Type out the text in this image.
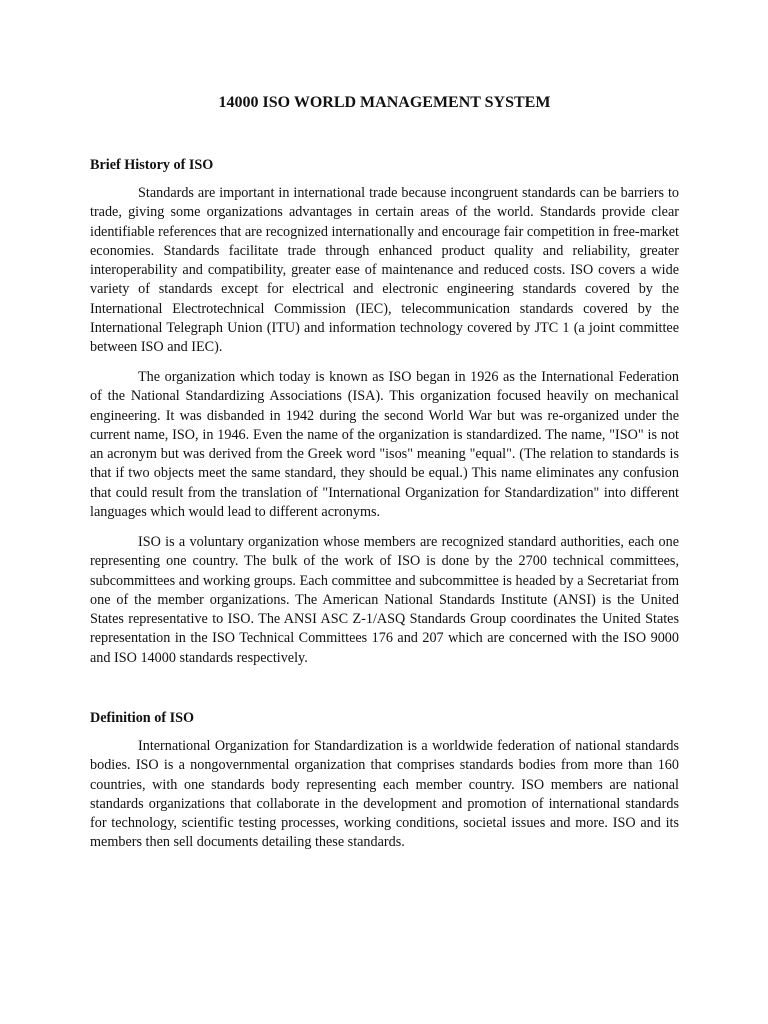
14000 ISO WORLD MANAGEMENT SYSTEM
Brief History of ISO

Standards are important in international trade because incongruent standards can be barriers to trade, giving some organizations advantages in certain areas of the world. Standards provide clear identifiable references that are recognized internationally and encourage fair competition in free-market economies. Standards facilitate trade through enhanced product quality and reliability, greater interoperability and compatibility, greater ease of maintenance and reduced costs. ISO covers a wide variety of standards except for electrical and electronic engineering standards covered by the International Electrotechnical Commission (IEC), telecommunication standards covered by the International Telegraph Union (ITU) and information technology covered by JTC 1 (a joint committee between ISO and IEC).

The organization which today is known as ISO began in 1926 as the International Federation of the National Standardizing Associations (ISA). This organization focused heavily on mechanical engineering. It was disbanded in 1942 during the second World War but was re-organized under the current name, ISO, in 1946. Even the name of the organization is standardized. The name, "ISO" is not an acronym but was derived from the Greek word "isos" meaning "equal". (The relation to standards is that if two objects meet the same standard, they should be equal.) This name eliminates any confusion that could result from the translation of "International Organization for Standardization" into different languages which would lead to different acronyms.

ISO is a voluntary organization whose members are recognized standard authorities, each one representing one country. The bulk of the work of ISO is done by the 2700 technical committees, subcommittees and working groups. Each committee and subcommittee is headed by a Secretariat from one of the member organizations. The American National Standards Institute (ANSI) is the United States representative to ISO. The ANSI ASC Z-1/ASQ Standards Group coordinates the United States representation in the ISO Technical Committees 176 and 207 which are concerned with the ISO 9000 and ISO 14000 standards respectively.

Definition of ISO

International Organization for Standardization is a worldwide federation of national standards bodies. ISO is a nongovernmental organization that comprises standards bodies from more than 160 countries, with one standards body representing each member country. ISO members are national standards organizations that collaborate in the development and promotion of international standards for technology, scientific testing processes, working conditions, societal issues and more. ISO and its members then sell documents detailing these standards.
